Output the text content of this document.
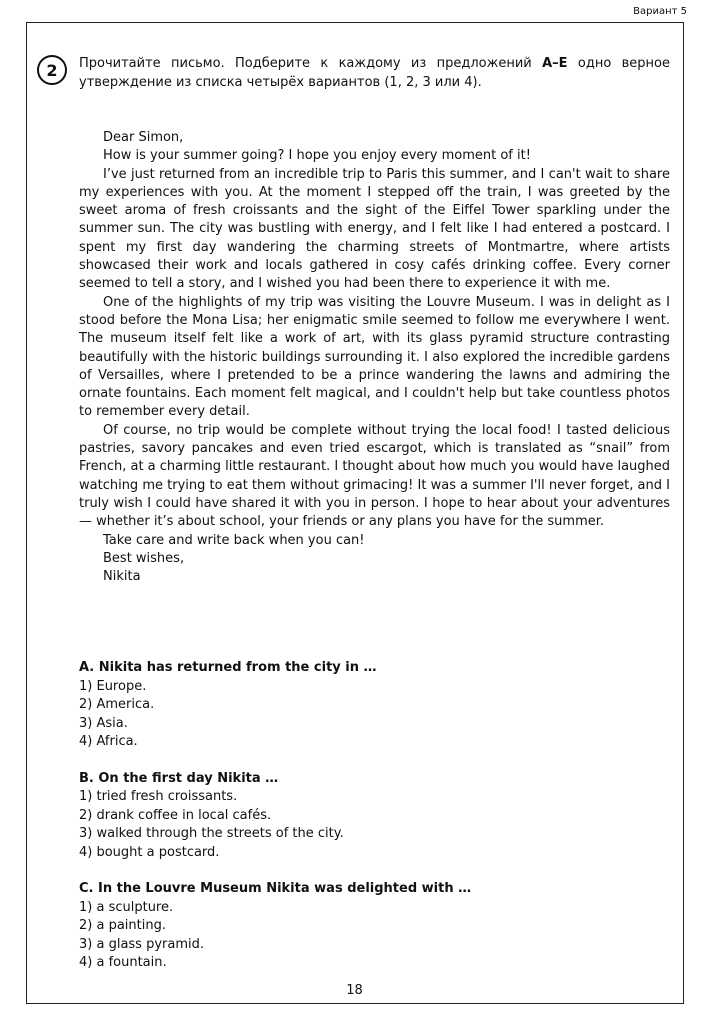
Вариант 5
2	Прочитайте письмо. Подберите к каждому из предложений A–E одно верное утверждение из списка четырёх вариантов (1, 2, 3 или 4).

Dear Simon,

How is your summer going? I hope you enjoy every moment of it!

I’ve just returned from an incredible trip to Paris this summer, and I can't wait to share my experiences with you. At the moment I stepped off the train, I was greeted by the sweet aroma of fresh croissants and the sight of the Eiffel Tower sparkling under the summer sun. The city was bustling with energy, and I felt like I had entered a postcard. I spent my first day wandering the charming streets of Montmartre, where artists showcased their work and locals gathered in cosy cafés drinking coffee. Every corner seemed to tell a story, and I wished you had been there to experience it with me.

One of the highlights of my trip was visiting the Louvre Museum. I was in delight as I stood before the Mona Lisa; her enigmatic smile seemed to follow me everywhere I went. The museum itself felt like a work of art, with its glass pyramid structure contrasting beautifully with the historic buildings surrounding it. I also explored the incredible gardens of Versailles, where I pretended to be a prince wandering the lawns and admiring the ornate fountains. Each moment felt magical, and I couldn't help but take countless photos to remember every detail.

Of course, no trip would be complete without trying the local food! I tasted delicious pastries, savory pancakes and even tried escargot, which is translated as “snail” from French, at a charming little restaurant. I thought about how much you would have laughed watching me trying to eat them without grimacing! It was a summer I'll never forget, and I truly wish I could have shared it with you in person. I hope to hear about your adventures — whether it’s about school, your friends or any plans you have for the summer.

Take care and write back when you can!

Best wishes,

Nikita

A. Nikita has returned from the city in …
1) Europe.
2) America.
3) Asia.
4) Africa.
B. On the first day Nikita …
1) tried fresh croissants.
2) drank coffee in local cafés.
3) walked through the streets of the city.
4) bought a postcard.
C. In the Louvre Museum Nikita was delighted with …
1) a sculpture.
2) a painting.
3) a glass pyramid.
4) a fountain.
18
